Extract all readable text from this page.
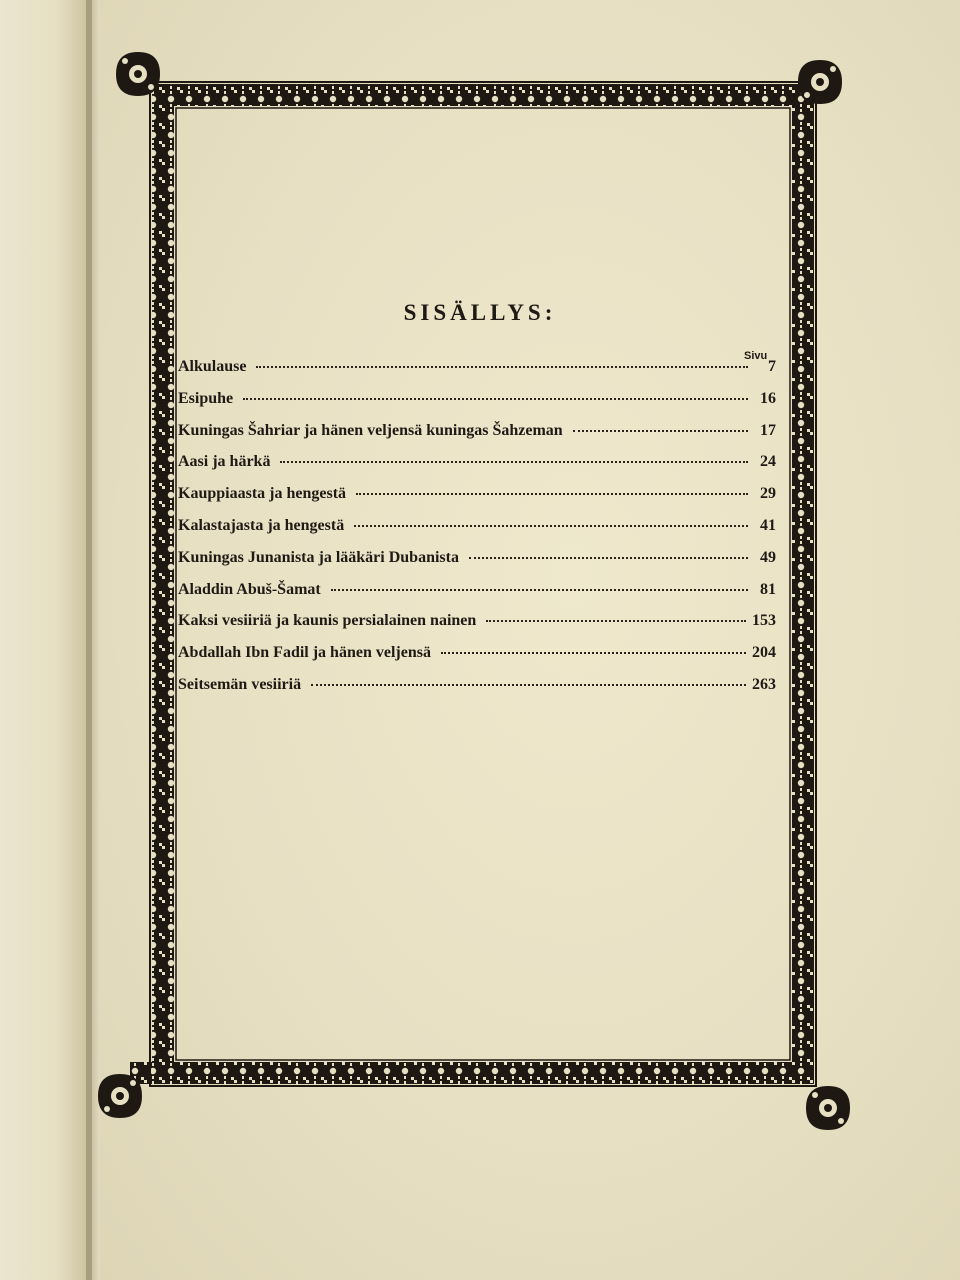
SISÄLLYS:
Sivu
Alkulause	7
Esipuhe	16
Kuningas Šahriar ja hänen veljensä kuningas Šahzeman	17
Aasi ja härkä	24
Kauppiaasta ja hengestä	29
Kalastajasta ja hengestä	41
Kuningas Junanista ja lääkäri Dubanista	49
Aladdin Abuš-Šamat	81
Kaksi vesiiriä ja kaunis persialainen nainen	153
Abdallah Ibn Fadil ja hänen veljensä	204
Seitsemän vesiiriä	263
